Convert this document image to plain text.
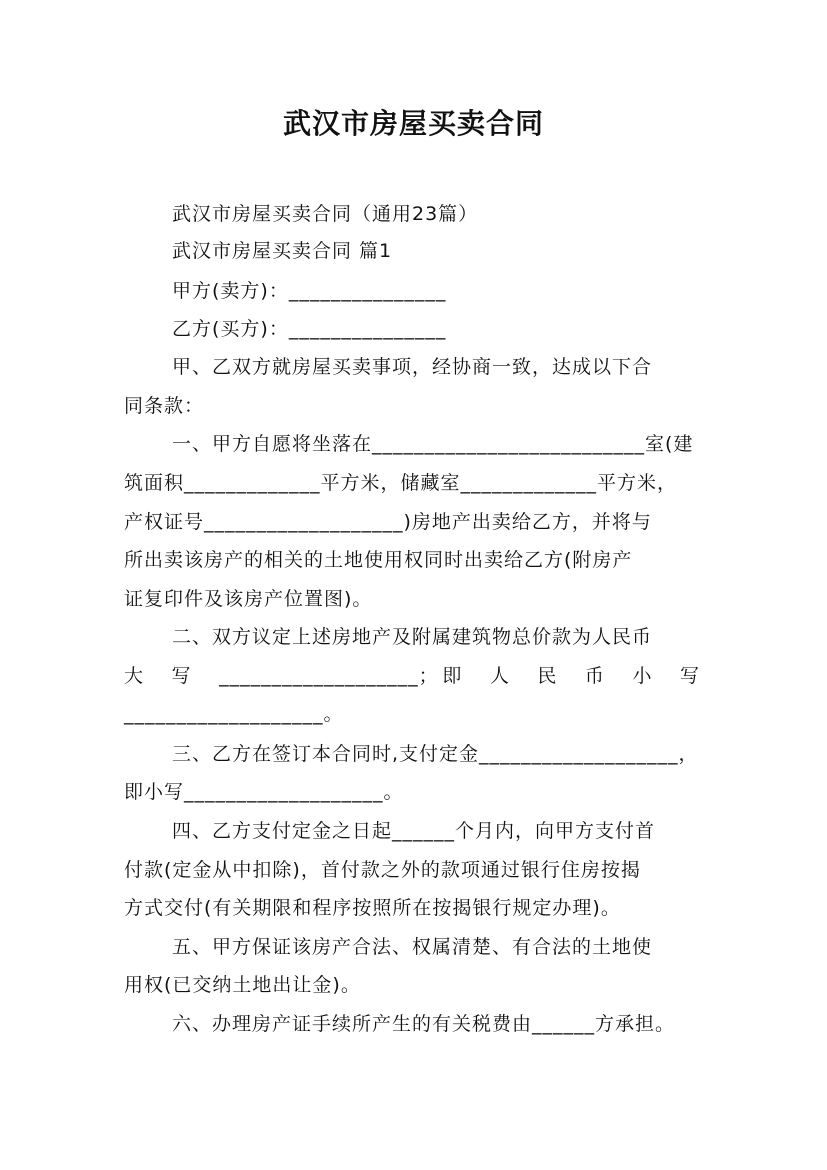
武汉市房屋买卖合同
武汉市房屋买卖合同（通用23篇）
武汉市房屋买卖合同 篇1
甲方(卖方)：_______________
乙方(买方)：_______________
甲、乙双方就房屋买卖事项，经协商一致，达成以下合
同条款：
一、甲方自愿将坐落在__________________________室(建
筑面积_____________平方米，储藏室_____________平方米，
产权证号___________________)房地产出卖给乙方，并将与
所出卖该房产的相关的土地使用权同时出卖给乙方(附房产
证复印件及该房产位置图)。
二、双方议定上述房地产及附属建筑物总价款为人民币
大　写　___________________；即　人　民　币　小　写
___________________。
三、乙方在签订本合同时,支付定金___________________，
即小写___________________。
四、乙方支付定金之日起______个月内，向甲方支付首
付款(定金从中扣除)，首付款之外的款项通过银行住房按揭
方式交付(有关期限和程序按照所在按揭银行规定办理)。
五、甲方保证该房产合法、权属清楚、有合法的土地使
用权(已交纳土地出让金)。
六、办理房产证手续所产生的有关税费由______方承担。
